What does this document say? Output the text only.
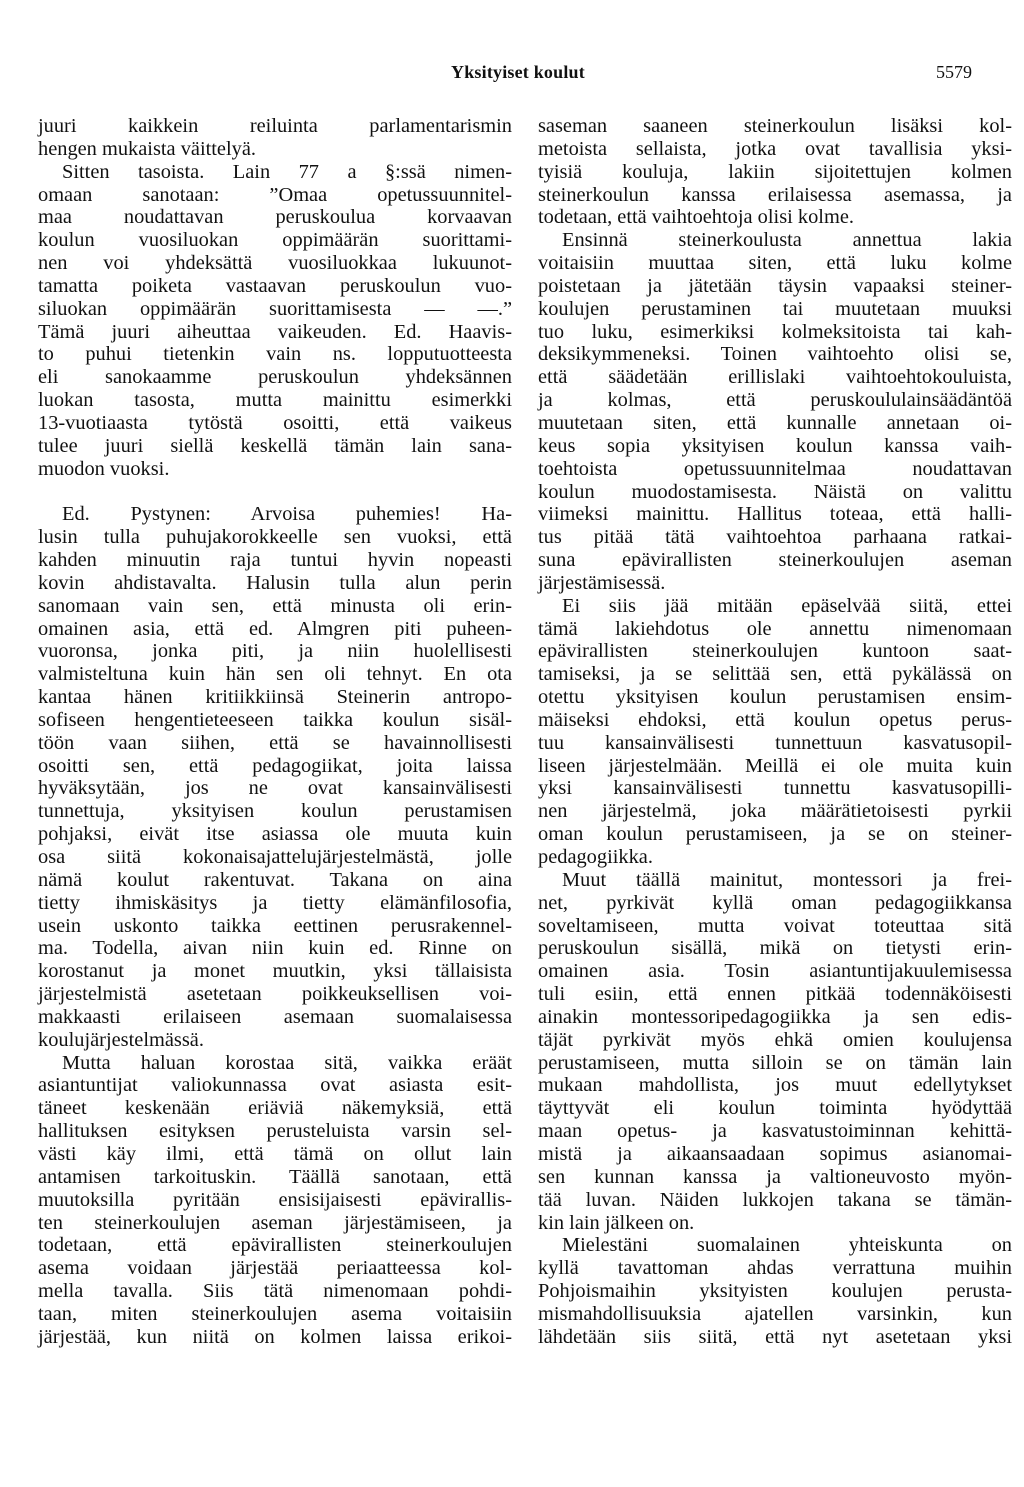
Yksityiset koulut	5579
juuri kaikkein reiluinta parlamentarismin
hengen mukaista väittelyä.
Sitten tasoista. Lain 77 a §:ssä nimen-
omaan sanotaan: ”Omaa opetussuunnitel-
maa noudattavan peruskoulua korvaavan
koulun vuosiluokan oppimäärän suorittami-
nen voi yhdeksättä vuosiluokkaa lukuunot-
tamatta poiketa vastaavan peruskoulun vuo-
siluokan oppimäärän suorittamisesta — —.”
Tämä juuri aiheuttaa vaikeuden. Ed. Haavis-
to puhui tietenkin vain ns. lopputuotteesta
eli sanokaamme peruskoulun yhdeksännen
luokan tasosta, mutta mainittu esimerkki
13-vuotiaasta tytöstä osoitti, että vaikeus
tulee juuri siellä keskellä tämän lain sana-
muodon vuoksi.
Ed. Pystynen: Arvoisa puhemies! Ha-
lusin tulla puhujakorokkeelle sen vuoksi, että
kahden minuutin raja tuntui hyvin nopeasti
kovin ahdistavalta. Halusin tulla alun perin
sanomaan vain sen, että minusta oli erin-
omainen asia, että ed. Almgren piti puheen-
vuoronsa, jonka piti, ja niin huolellisesti
valmisteltuna kuin hän sen oli tehnyt. En ota
kantaa hänen kritiikkiinsä Steinerin antropo-
sofiseen hengentieteeseen taikka koulun sisäl-
töön vaan siihen, että se havainnollisesti
osoitti sen, että pedagogiikat, joita laissa
hyväksytään, jos ne ovat kansainvälisesti
tunnettuja, yksityisen koulun perustamisen
pohjaksi, eivät itse asiassa ole muuta kuin
osa siitä kokonaisajattelujärjestelmästä, jolle
nämä koulut rakentuvat. Takana on aina
tietty ihmiskäsitys ja tietty elämänfilosofia,
usein uskonto taikka eettinen perusrakennel-
ma. Todella, aivan niin kuin ed. Rinne on
korostanut ja monet muutkin, yksi tällaisista
järjestelmistä asetetaan poikkeuksellisen voi-
makkaasti erilaiseen asemaan suomalaisessa
koulujärjestelmässä.
Mutta haluan korostaa sitä, vaikka eräät
asiantuntijat valiokunnassa ovat asiasta esit-
täneet keskenään eriäviä näkemyksiä, että
hallituksen esityksen perusteluista varsin sel-
västi käy ilmi, että tämä on ollut lain
antamisen tarkoituskin. Täällä sanotaan, että
muutoksilla pyritään ensisijaisesti epävirallis-
ten steinerkoulujen aseman järjestämiseen, ja
todetaan, että epävirallisten steinerkoulujen
asema voidaan järjestää periaatteessa kol-
mella tavalla. Siis tätä nimenomaan pohdi-
taan, miten steinerkoulujen asema voitaisiin
järjestää, kun niitä on kolmen laissa erikoi-
saseman saaneen steinerkoulun lisäksi kol-
metoista sellaista, jotka ovat tavallisia yksi-
tyisiä kouluja, lakiin sijoitettujen kolmen
steinerkoulun kanssa erilaisessa asemassa, ja
todetaan, että vaihtoehtoja olisi kolme.
Ensinnä steinerkoulusta annettua lakia
voitaisiin muuttaa siten, että luku kolme
poistetaan ja jätetään täysin vapaaksi steiner-
koulujen perustaminen tai muutetaan muuksi
tuo luku, esimerkiksi kolmeksitoista tai kah-
deksikymmeneksi. Toinen vaihtoehto olisi se,
että säädetään erillislaki vaihtoehtokouluista,
ja kolmas, että peruskoululainsäädäntöä
muutetaan siten, että kunnalle annetaan oi-
keus sopia yksityisen koulun kanssa vaih-
toehtoista opetussuunnitelmaa noudattavan
koulun muodostamisesta. Näistä on valittu
viimeksi mainittu. Hallitus toteaa, että halli-
tus pitää tätä vaihtoehtoa parhaana ratkai-
suna epävirallisten steinerkoulujen aseman
järjestämisessä.
Ei siis jää mitään epäselvää siitä, ettei
tämä lakiehdotus ole annettu nimenomaan
epävirallisten steinerkoulujen kuntoon saat-
tamiseksi, ja se selittää sen, että pykälässä on
otettu yksityisen koulun perustamisen ensim-
mäiseksi ehdoksi, että koulun opetus perus-
tuu kansainvälisesti tunnettuun kasvatusopil-
liseen järjestelmään. Meillä ei ole muita kuin
yksi kansainvälisesti tunnettu kasvatusopilli-
nen järjestelmä, joka määrätietoisesti pyrkii
oman koulun perustamiseen, ja se on steiner-
pedagogiikka.
Muut täällä mainitut, montessori ja frei-
net, pyrkivät kyllä oman pedagogiikkansa
soveltamiseen, mutta voivat toteuttaa sitä
peruskoulun sisällä, mikä on tietysti erin-
omainen asia. Tosin asiantuntijakuulemisessa
tuli esiin, että ennen pitkää todennäköisesti
ainakin montessoripedagogiikka ja sen edis-
täjät pyrkivät myös ehkä omien koulujensa
perustamiseen, mutta silloin se on tämän lain
mukaan mahdollista, jos muut edellytykset
täyttyvät eli koulun toiminta hyödyttää
maan opetus- ja kasvatustoiminnan kehittä-
mistä ja aikaansaadaan sopimus asianomai-
sen kunnan kanssa ja valtioneuvosto myön-
tää luvan. Näiden lukkojen takana se tämän-
kin lain jälkeen on.
Mielestäni suomalainen yhteiskunta on
kyllä tavattoman ahdas verrattuna muihin
Pohjoismaihin yksityisten koulujen perusta-
mismahdollisuuksia ajatellen varsinkin, kun
lähdetään siis siitä, että nyt asetetaan yksi
